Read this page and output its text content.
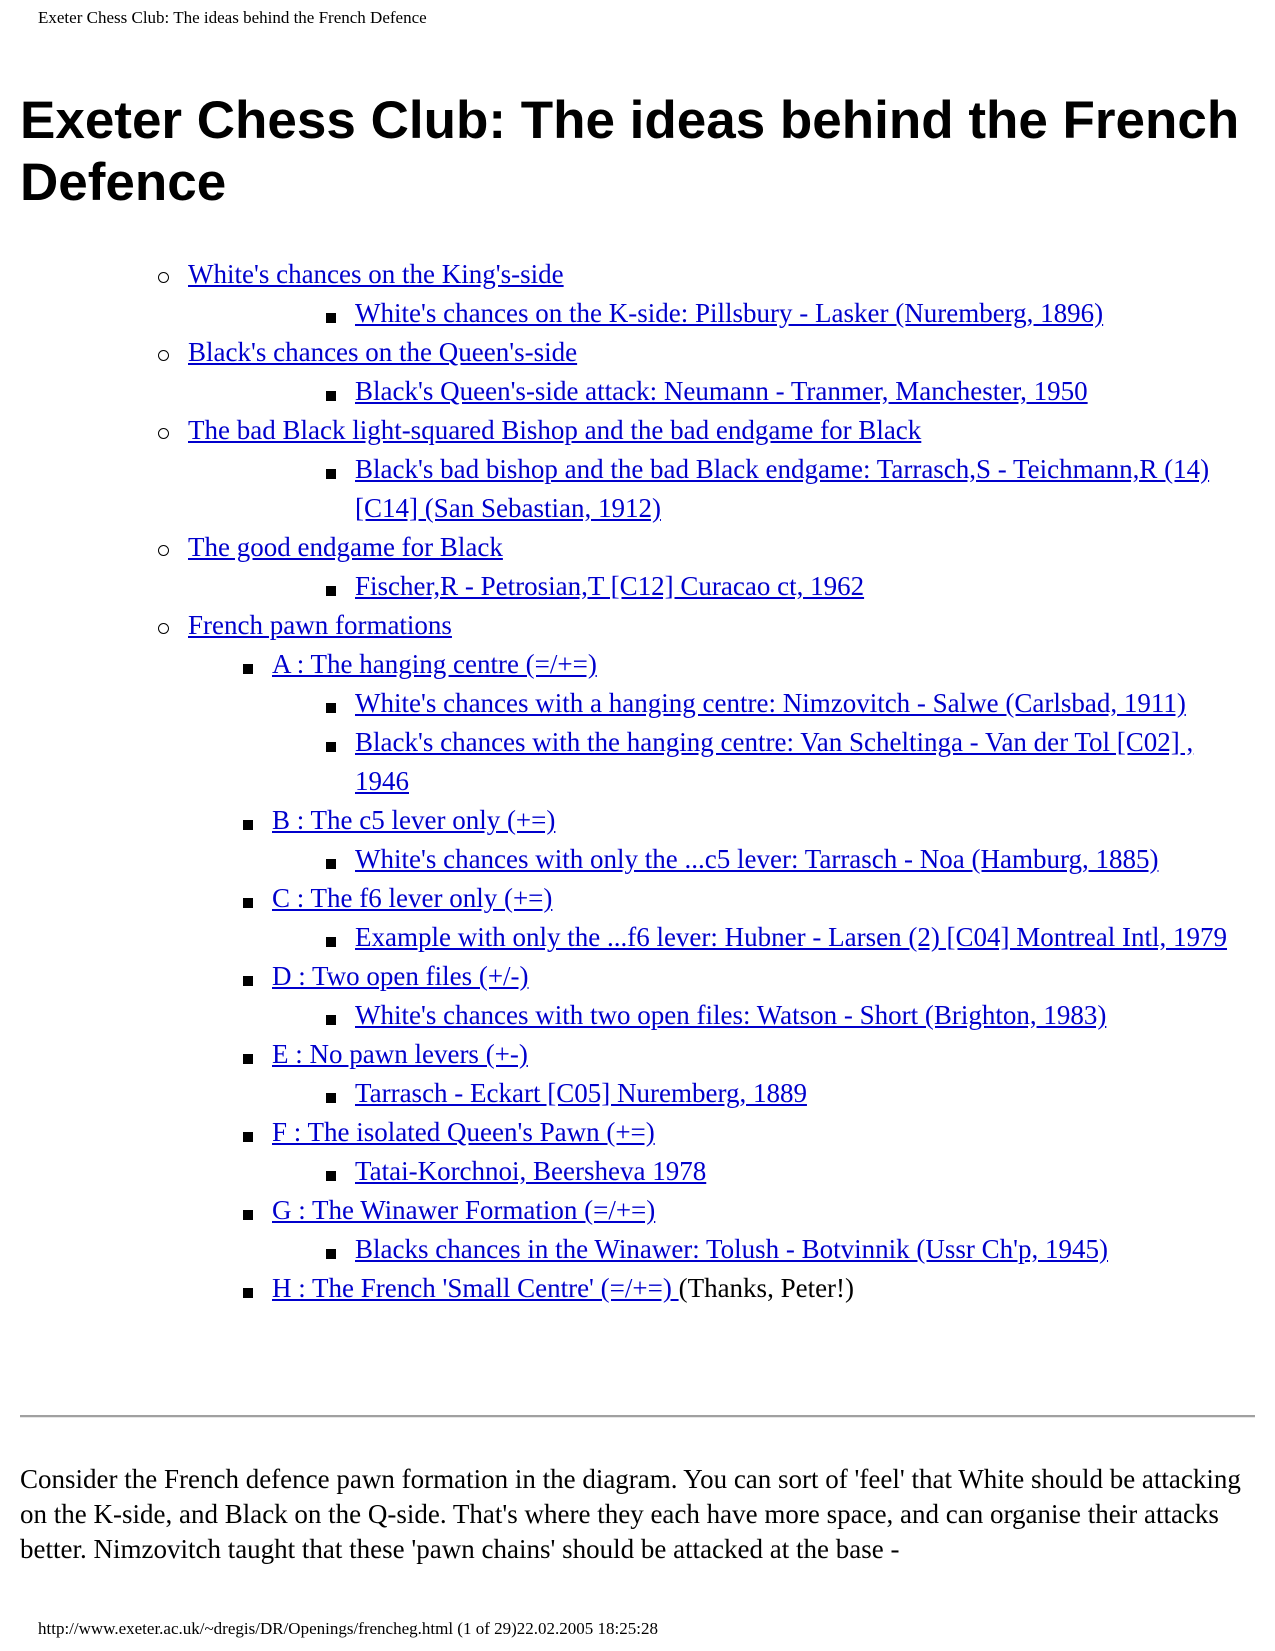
Exeter Chess Club: The ideas behind the French Defence
Exeter Chess Club: The ideas behind the French Defence
White's chances on the King's-side
White's chances on the K-side: Pillsbury - Lasker (Nuremberg, 1896)
Black's chances on the Queen's-side
Black's Queen's-side attack: Neumann - Tranmer, Manchester, 1950
The bad Black light-squared Bishop and the bad endgame for Black
Black's bad bishop and the bad Black endgame: Tarrasch,S - Teichmann,R (14) [C14] (San Sebastian, 1912)
The good endgame for Black
Fischer,R - Petrosian,T [C12] Curacao ct, 1962
French pawn formations
A : The hanging centre (=/+=)
White's chances with a hanging centre: Nimzovitch - Salwe (Carlsbad, 1911)
Black's chances with the hanging centre: Van Scheltinga - Van der Tol [C02] , 1946
B : The c5 lever only (+=)
White's chances with only the ...c5 lever: Tarrasch - Noa (Hamburg, 1885)
C : The f6 lever only (+=)
Example with only the ...f6 lever: Hubner - Larsen (2) [C04] Montreal Intl, 1979
D : Two open files (+/-)
White's chances with two open files: Watson - Short (Brighton, 1983)
E : No pawn levers (+-)
Tarrasch - Eckart [C05] Nuremberg, 1889
F : The isolated Queen's Pawn (+=)
Tatai-Korchnoi, Beersheva 1978
G : The Winawer Formation (=/+=)
Blacks chances in the Winawer: Tolush - Botvinnik (Ussr Ch'p, 1945)
H : The French 'Small Centre' (=/+=) (Thanks, Peter!)

Consider the French defence pawn formation in the diagram. You can sort of 'feel' that White should be attacking on the K-side, and Black on the Q-side. That's where they each have more space, and can organise their attacks better. Nimzovitch taught that these 'pawn chains' should be attacked at the base -

http://www.exeter.ac.uk/~dregis/DR/Openings/frencheg.html (1 of 29)22.02.2005 18:25:28
